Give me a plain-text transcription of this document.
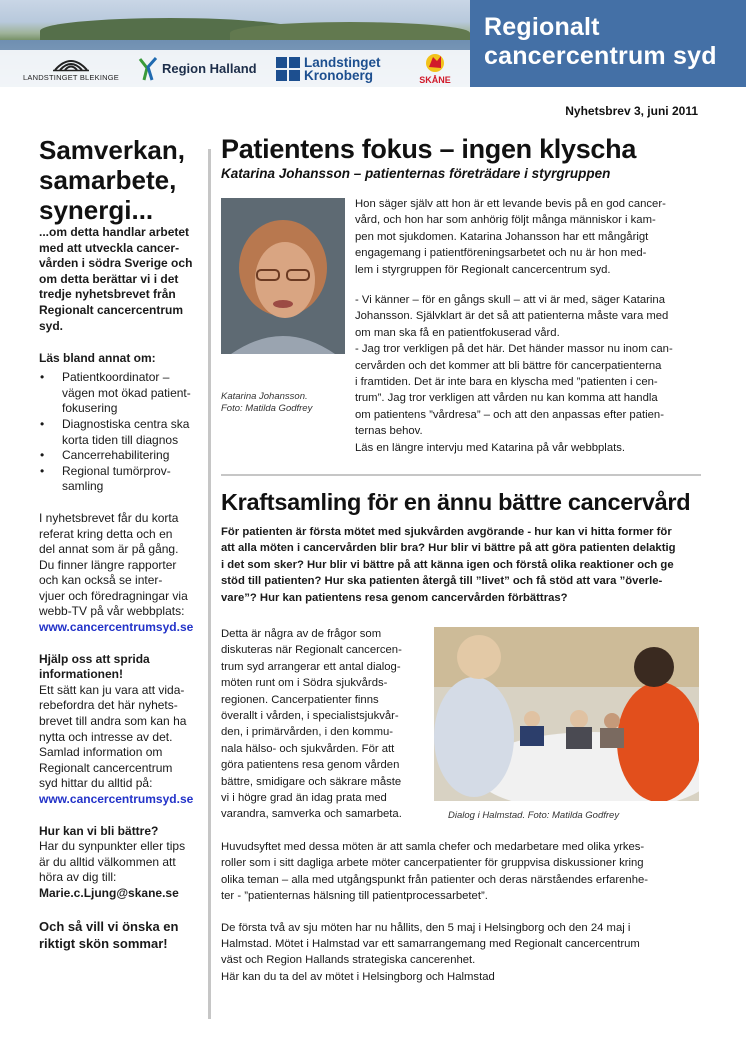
LANDSTINGET BLEKINGE
Region Halland	Landstinget
Kronoberg	SKÅNE
Regionalt
cancercentrum syd
Nyhetsbrev 3, juni 2011
Samverkan,
samarbete,
synergi...
...om detta handlar arbetet
med att utveckla cancer-
vården i södra Sverige och
om detta berättar vi i det
tredje nyhetsbrevet från
Regionalt cancercentrum
syd.
Läs bland annat om:
• Patientkoordinator –
vägen mot ökad patient-
fokusering
• Diagnostiska centra ska
korta tiden till diagnos
• Cancerrehabilitering
• Regional tumörprov-
samling

I nyhetsbrevet får du korta
referat kring detta och en
del annat som är på gång.
Du finner längre rapporter
och kan också se inter-
vjuer och föredragningar via
webb-TV på vår webbplats:
www.cancercentrumsyd.se

Hjälp oss att sprida
informationen!
Ett sätt kan ju vara att vida-
rebefordra det här nyhets-
brevet till andra som kan ha
nytta och intresse av det.
Samlad information om
Regionalt cancercentrum
syd hittar du alltid på:
www.cancercentrumsyd.se

Hur kan vi bli bättre?
Har du synpunkter eller tips
är du alltid välkommen att
höra av dig till:
Marie.c.Ljung@skane.se

Och så vill vi önska en
riktigt skön sommar!

Patientens fokus – ingen klyscha
Katarina Johansson – patienternas företrädare i styrgruppen
Katarina Johansson.
Foto: Matilda Godfrey

Hon säger själv att hon är ett levande bevis på en god cancer-
vård, och hon har som anhörig följt många människor i kam-
pen mot sjukdomen. Katarina Johansson har ett mångårigt
engagemang i patientföreningsarbetet och nu är hon med-
lem i styrgruppen för Regionalt cancercentrum syd.

- Vi känner – för en gångs skull – att vi är med, säger Katarina
Johansson. Självklart är det så att patienterna måste vara med
om man ska få en patientfokuserad vård.
- Jag tror verkligen på det här. Det händer massor nu inom can-
cervården och det kommer att bli bättre för cancerpatienterna
i framtiden. Det är inte bara en klyscha med ”patienten i cen-
trum”. Jag tror verkligen att vården nu kan komma att handla
om patientens ”vårdresa” – och att den anpassas efter patien-
ternas behov.
Läs en längre intervju med Katarina på vår webbplats.

Kraftsamling för en ännu bättre cancervård

För patienten är första mötet med sjukvården avgörande - hur kan vi hitta former för
att alla möten i cancervården blir bra? Hur blir vi bättre på att göra patienten delaktig
i det som sker? Hur blir vi bättre på att känna igen och förstå olika reaktioner och ge
stöd till patienten? Hur ska patienten återgå till ”livet” och få stöd att vara ”överle-
vare”? Hur kan patientens resa genom cancervården förbättras?

Detta är några av de frågor som
diskuteras när Regionalt cancercen-
trum syd arrangerar ett antal dialog-
möten runt om i Södra sjukvårds-
regionen. Cancerpatienter finns
överallt i vården, i specialistsjukvår-
den, i primärvården, i den kommu-
nala hälso- och sjukvården. För att
göra patientens resa genom vården
bättre, smidigare och säkrare måste
vi i högre grad än idag prata med
varandra, samverka och samarbeta.	Dialog i Halmstad. Foto: Matilda Godfrey

Huvudsyftet med dessa möten är att samla chefer och medarbetare med olika yrkes-
roller som i sitt dagliga arbete möter cancerpatienter för gruppvisa diskussioner kring
olika teman – alla med utgångspunkt från patienter och deras närståendes erfarenhe-
ter - ”patienternas hälsning till patientprocessarbetet”.

De första två av sju möten har nu hållits, den 5 maj i Helsingborg och den 24 maj i
Halmstad. Mötet i Halmstad var ett samarrangemang med Regionalt cancercentrum
väst och Region Hallands strategiska cancerenhet.
Här kan du ta del av mötet i Helsingborg och Halmstad
